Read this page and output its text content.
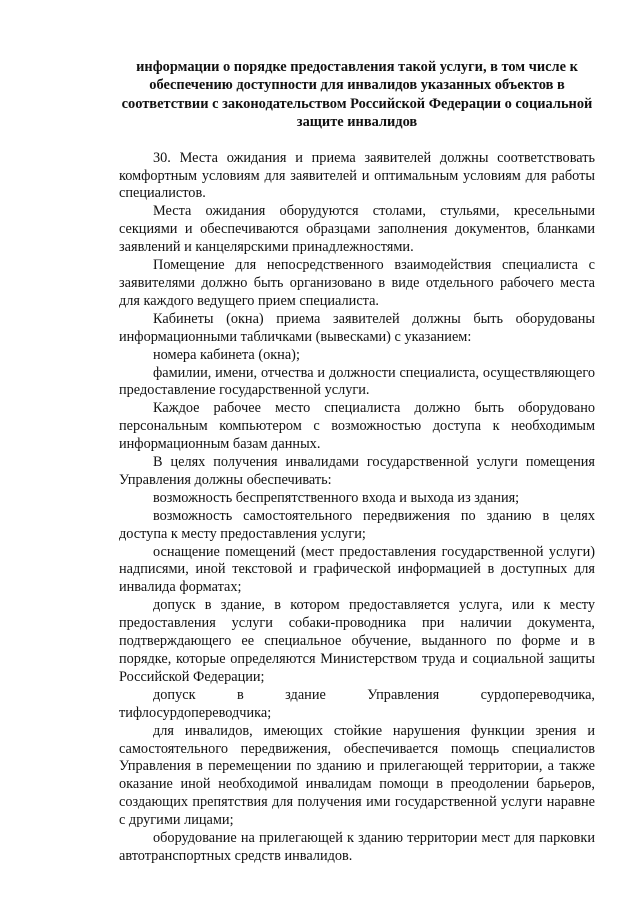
информации о порядке предоставления такой услуги, в том числе к обеспечению доступности для инвалидов указанных объектов в соответствии с законодательством Российской Федерации о социальной защите инвалидов

30. Места ожидания и приема заявителей должны соответствовать комфортным условиям для заявителей и оптимальным условиям для работы специалистов.

Места ожидания оборудуются столами, стульями, кресельными секциями и обеспечиваются образцами заполнения документов, бланками заявлений и канцелярскими принадлежностями.

Помещение для непосредственного взаимодействия специалиста с заявителями должно быть организовано в виде отдельного рабочего места для каждого ведущего прием специалиста.

Кабинеты (окна) приема заявителей должны быть оборудованы информационными табличками (вывесками) с указанием:

номера кабинета (окна);

фамилии, имени, отчества и должности специалиста, осуществляющего предоставление государственной услуги.

Каждое рабочее место специалиста должно быть оборудовано персональным компьютером с возможностью доступа к необходимым информационным базам данных.

В целях получения инвалидами государственной услуги помещения Управления должны обеспечивать:

возможность беспрепятственного входа и выхода из здания;

возможность самостоятельного передвижения по зданию в целях доступа к месту предоставления услуги;

оснащение помещений (мест предоставления государственной услуги) надписями, иной текстовой и графической информацией в доступных для инвалида форматах;

допуск в здание, в котором предоставляется услуга, или к месту предоставления услуги собаки-проводника при наличии документа, подтверждающего ее специальное обучение, выданного по форме и в порядке, которые определяются Министерством труда и социальной защиты Российской Федерации;

допуск в здание Управления сурдопереводчика, тифлосурдопереводчика;

для инвалидов, имеющих стойкие нарушения функции зрения и самостоятельного передвижения, обеспечивается помощь специалистов Управления в перемещении по зданию и прилегающей территории, а также оказание иной необходимой инвалидам помощи в преодолении барьеров, создающих препятствия для получения ими государственной услуги наравне с другими лицами;

оборудование на прилегающей к зданию территории мест для парковки автотранспортных средств инвалидов.
